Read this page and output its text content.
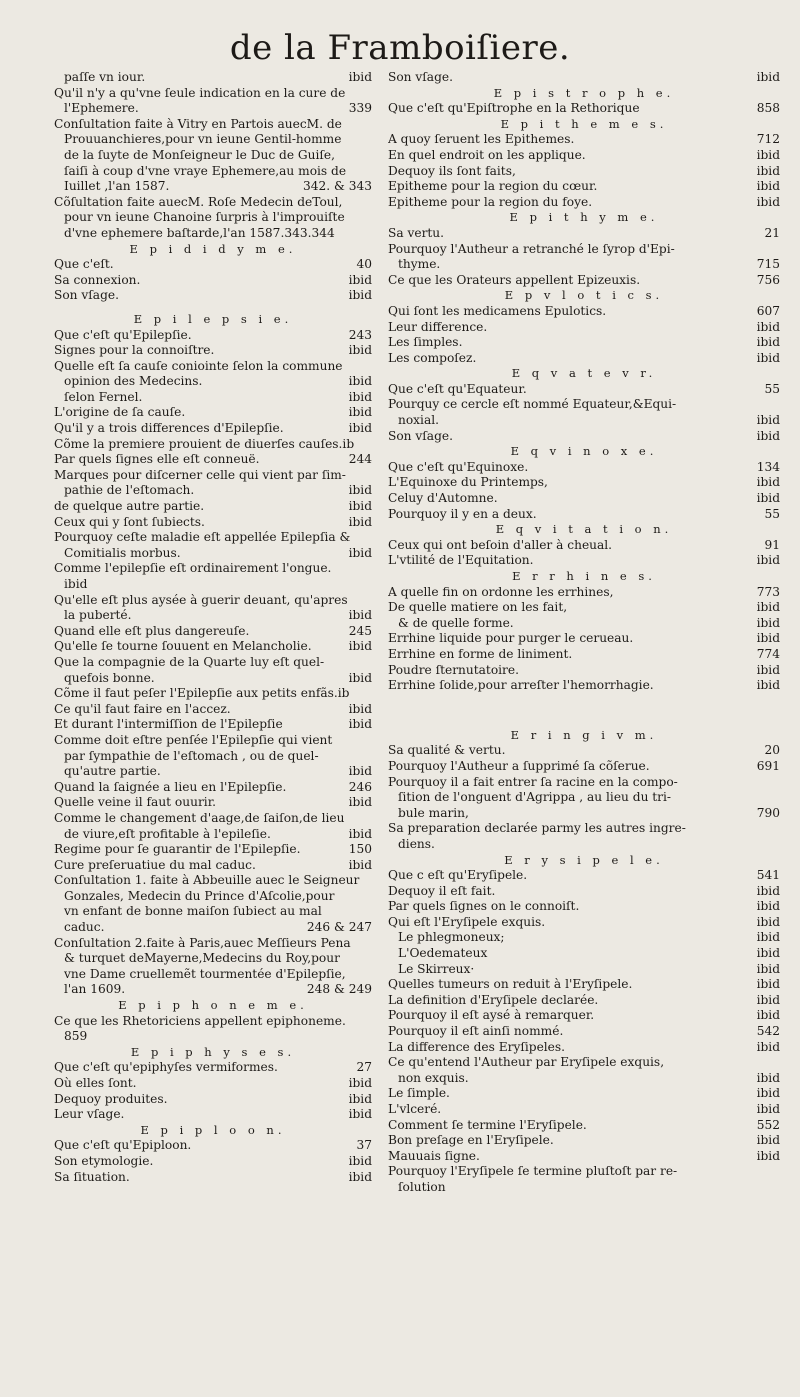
de la Framboiſiere.
paſſe vn iour.	ibid
Qu'il n'y a qu'vne ſeule indication en la cure de
l'Ephemere.	339
Conſultation faite à Vitry en Partois auecM. de
Prouuanchieres,pour vn ieune Gentil-homme
de la ſuyte de Monſeigneur le Duc de Guiſe,
ſaiſi à coup d'vne vraye Ephemere,au mois de
Iuillet ,l'an 1587.	342. & 343
Cõſultation faite auecM. Roſe Medecin deToul,
pour vn ieune Chanoine ſurpris à l'improuiſte
d'vne ephemere baſtarde,l'an 1587.343.344
E p i d i d y m e.
Que c'eſt.	40
Sa connexion.	ibid
Son vſage.	ibid
E p i l e p s i e.
Que c'eſt qu'Epilepſie.	243
Signes pour la connoiſtre.	ibid
Quelle eſt ſa cauſe coniointe ſelon la commune
opinion des Medecins.	ibid
ſelon Fernel.	ibid
L'origine de ſa cauſe.	ibid
Qu'il y a trois differences d'Epilepſie.	ibid
Cõme la premiere prouient de diuerſes cauſes.ib
Par quels ſignes elle eſt conneuë.	244
Marques pour diſcerner celle qui vient par ſim-
pathie de l'eſtomach.	ibid
de quelque autre partie.	ibid
Ceux qui y ſont ſubiects.	ibid
Pourquoy ceſte maladie eſt appellée Epilepſia &
Comitialis morbus.	ibid
Comme l'epilepſie eſt ordinairement l'ongue.
ibid
Qu'elle eſt plus aysée à guerir deuant, qu'apres
la puberté.	ibid
Quand elle eſt plus dangereuſe.	245
Qu'elle ſe tourne ſouuent en Melancholie.	ibid
Que la compagnie de la Quarte luy eſt quel-
quefois bonne.	ibid
Cõme il faut peſer l'Epilepſie aux petits enfãs.ib
Ce qu'il faut faire en l'accez.	ibid
Et durant l'intermiſſion de l'Epilepſie	ibid
Comme doit eſtre penſée l'Epilepſie qui vient
par ſympathie de l'eſtomach , ou de quel-
qu'autre partie.	ibid
Quand la ſaignée a lieu en l'Epilepſie.	246
Quelle veine il faut ouurir.	ibid
Comme le changement d'aage,de ſaiſon,de lieu
de viure,eſt profitable à l'epileſie.	ibid
Regime pour ſe guarantir de l'Epilepſie.	150
Cure preſeruatiue du mal caduc.	ibid
Conſultation 1. faite à Abbeuille auec le Seigneur
Gonzales, Medecin du Prince d'Aſcolie,pour
vn enfant de bonne maiſon ſubiect au mal
caduc.	246 & 247
Conſultation 2.faite à Paris,auec Meſſieurs Pena
& turquet deMayerne,Medecins du Roy,pour
vne Dame cruellemẽt tourmentée d'Epilepſie,
l'an 1609.	248 & 249
E p i p h o n e m e.
Ce que les Rhetoriciens appellent epiphoneme.
859
E p i p h y s e s.
Que c'eſt qu'epiphyſes vermiformes.	27
Où elles ſont.	ibid
Dequoy produites.	ibid
Leur vſage.	ibid
E p i p l o o n.
Que c'eſt qu'Epiploon.	37
Son etymologie.	ibid
Sa ſituation.	ibid
Son vſage.	ibid
E p i s t r o p h e.
Que c'eſt qu'Epiſtrophe en la Rethorique	858
E p i t h e m e s.
A quoy ſeruent les Epithemes.	712
En quel endroit on les applique.	ibid
Dequoy ils ſont faits,	ibid
Epitheme pour la region du cœur.	ibid
Epitheme pour la region du foye.	ibid
E p i t h y m e.
Sa vertu.	21
Pourquoy l'Autheur a retranché le ſyrop d'Epi-
thyme.	715
Ce que les Orateurs appellent Epizeuxis.	756
E p v l o t i c s.
Qui ſont les medicamens Epulotics.	607
Leur difference.	ibid
Les ſimples.	ibid
Les compoſez.	ibid
E q v a t e v r.
Que c'eſt qu'Equateur.	55
Pourquy ce cercle eſt nommé Equateur,&Equi-
noxial.	ibid
Son vſage.	ibid
E q v i n o x e.
Que c'eſt qu'Equinoxe.	134
L'Equinoxe du Printemps,	ibid
Celuy d'Automne.	ibid
Pourquoy il y en a deux.	55
E q v i t a t i o n.
Ceux qui ont beſoin d'aller à cheual.	91
L'vtilité de l'Equitation.	ibid
E r r h i n e s.
A quelle fin on ordonne les errhines,	773
De quelle matiere on les fait,	ibid
& de quelle forme.	ibid
Errhine liquide pour purger le cerueau.	ibid
Errhine en forme de liniment.	774
Poudre ſternutatoire.	ibid
Errhine ſolide,pour arreſter l'hemorrhagie.	ibid
E r i n g i v m.
Sa qualité & vertu.	20
Pourquoy l'Autheur a ſupprimé ſa cõſerue.	691
Pourquoy il a fait entrer ſa racine en la compo-
ſition de l'onguent d'Agrippa , au lieu du tri-
bule marin,	790
Sa preparation declarée parmy les autres ingre-
diens.
E r y s i p e l e.
Que c eſt qu'Eryſipele.	541
Dequoy il eſt fait.	ibid
Par quels ſignes on le connoiſt.	ibid
Qui eſt l'Eryſipele exquis.	ibid
Le phlegmoneux;	ibid
L'Oedemateux	ibid
Le Skirreux·	ibid
Quelles tumeurs on reduit à l'Eryſipele.	ibid
La definition d'Eryſipele declarée.	ibid
Pourquoy il eſt aysé à remarquer.	ibid
Pourquoy il eſt ainſi nommé.	542
La difference des Eryſipeles.	ibid
Ce qu'entend l'Autheur par Eryſipele exquis,
non exquis.	ibid
Le ſimple.	ibid
L'vlceré.	ibid
Comment ſe termine l'Eryſipele.	552
Bon preſage en l'Eryſipele.	ibid
Mauuais ſigne.	ibid
Pourquoy l'Eryſipele ſe termine pluſtoſt par re-
ſolution
